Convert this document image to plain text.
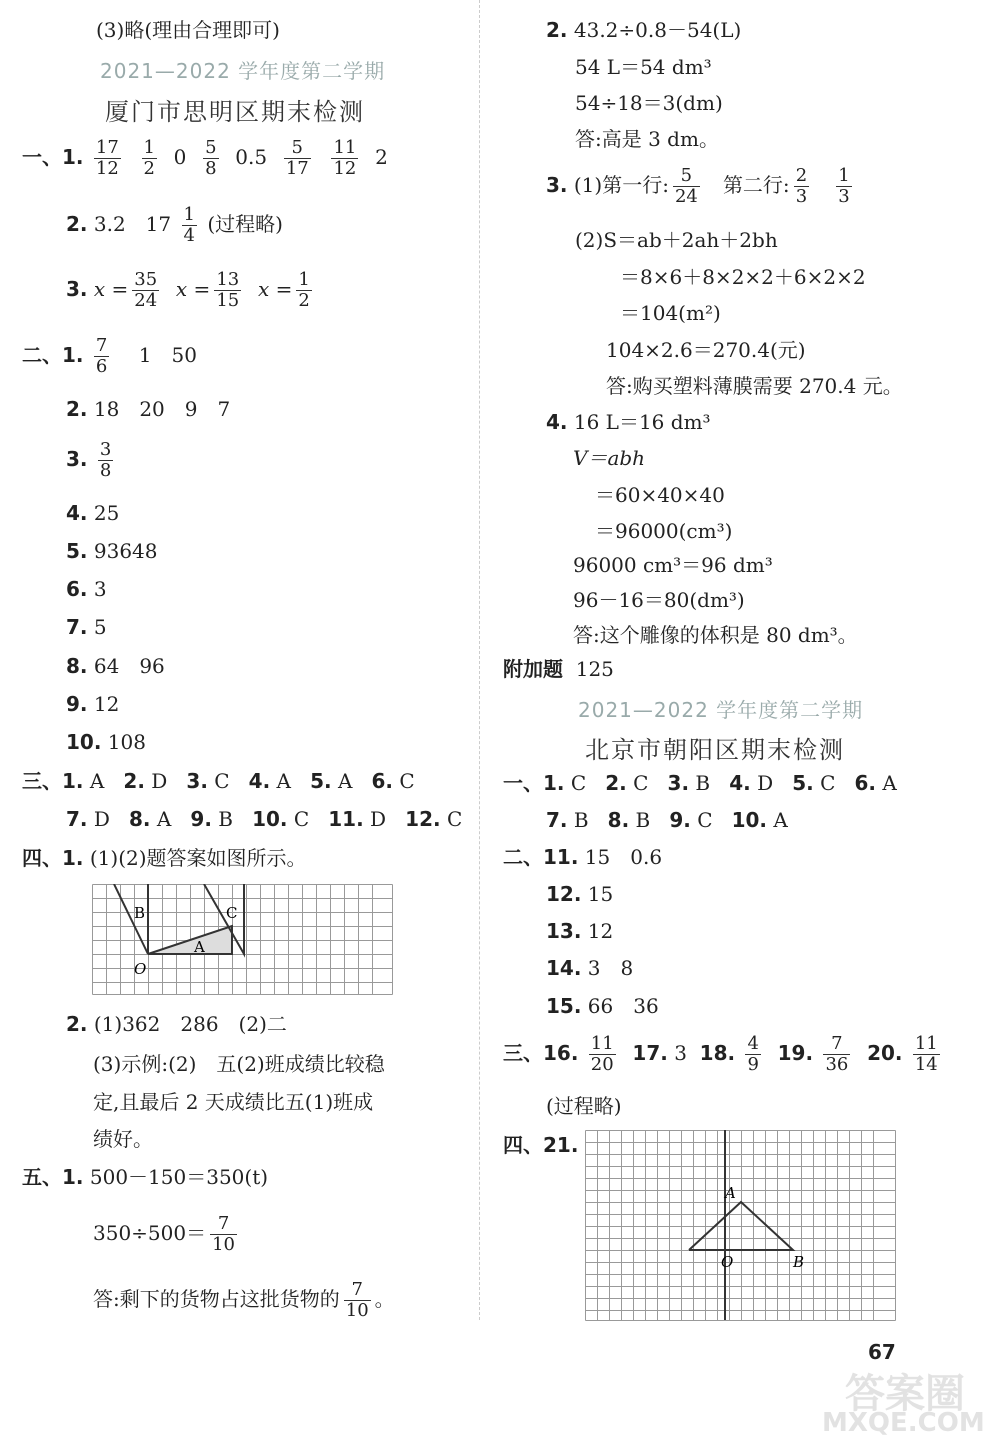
(3)略(理由合理即可)
2021—2022 学年度第二学期
厦门市思明区期末检测
一、1. $\frac{17}{12}$
$\frac{1}{2} 0 \frac{5}{8} 0.5 \frac{5}{17}$
$\frac{11}{12} 2$
2. 3.2　$17 \frac{1}{4}$ (过程略)
3. $x = \frac{35}{24}$ $x = \frac{13}{15}$ $x = \frac{1}{2}$
二、1. $\frac{7}{6} 1$　50
2. 18　20　9　7
3. $\frac{3}{8}$
4. 25
5. 93648
6. 3
7. 5
8. 64　96
9. 12
10. 108
三、1. A 2. D 3. C 4. A 5. A 6. C
7. D 8. A 9. B 10. C 11. D 12. C
四、1. (1)(2)题答案如图所示。
B	C
A
O
2. (1)362　286　(2)二
(3)示例:(2)　五(2)班成绩比较稳
定,且最后 2 天成绩比五(1)班成
绩好。
五、1. 500－150＝350(t)
$350\div 500= \frac{7}{10}$
答:剩下的货物占这批货物的 $\frac{7}{10}$ 。
2. 43.2÷0.8－54(L)
54 L＝54 dm³
54÷18＝3(dm)
答:高是 3 dm。
3. (1)第一行: $\frac{5}{24}$ 第二行: $\frac{2}{3}$
$\frac{1}{3}$
(2)S＝ab＋2ah＋2bh
＝8×6＋8×2×2＋6×2×2
＝104(m²)
104×2.6＝270.4(元)
答:购买塑料薄膜需要 270.4 元。
4. 16 L＝16 dm³
V＝abh
＝60×40×40
＝96000(cm³)
96000 cm³＝96 dm³
96－16＝80(dm³)
答:这个雕像的体积是 80 dm³。
附加题 125
2021—2022 学年度第二学期
北京市朝阳区期末检测
一、1. C 2. C 3. B 4. D 5. C 6. A
7. B 8. B 9. C 10. A
二、11. 15　0.6
12. 15
13. 12
14. 3　8
15. 66　36
三、16. $\frac{11}{20} 17$. 3 18. $\frac{4}{9} 19$. $\frac{7}{36} 20$. $\frac{11}{14}$
(过程略)
四、21.
A
O	B
67
答案圈
MXQE.COM
